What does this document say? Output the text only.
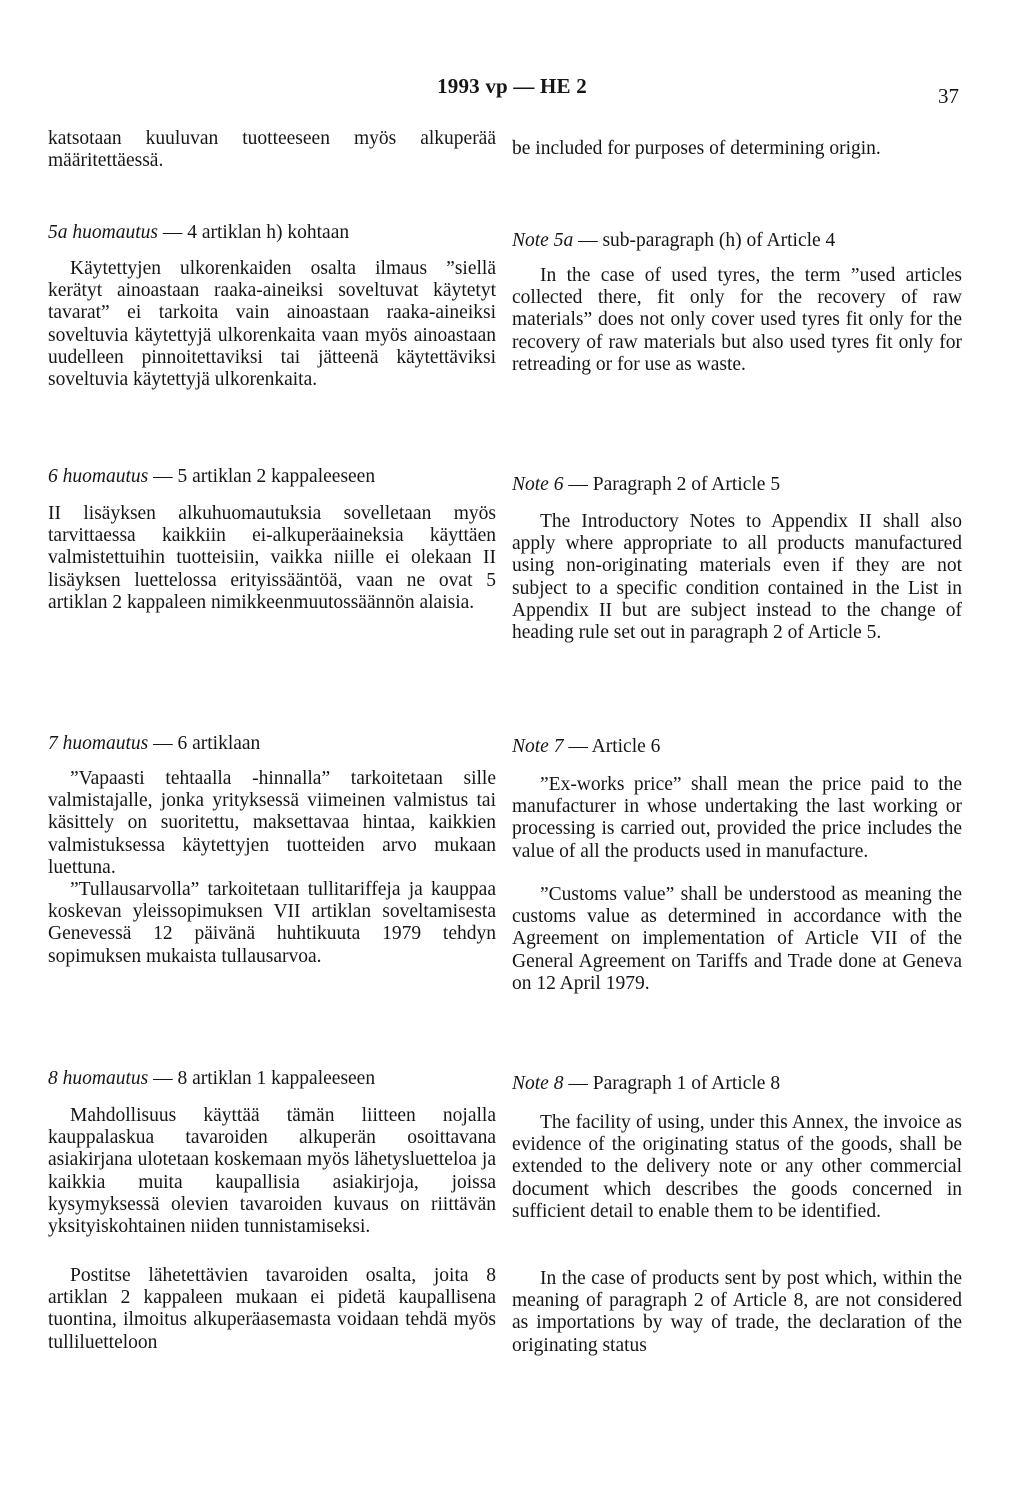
1993 vp — HE 2	37
katsotaan kuuluvan tuotteeseen myös alkuperää määritettäessä.
5a huomautus — 4 artiklan h) kohtaan
Käytettyjen ulkorenkaiden osalta ilmaus ”siellä kerätyt ainoastaan raaka-aineiksi soveltuvat käytetyt tavarat” ei tarkoita vain ainoastaan raaka-aineiksi soveltuvia käytettyjä ulkorenkaita vaan myös ainoastaan uudelleen pinnoitettaviksi tai jätteenä käytettäviksi soveltuvia käytettyjä ulkorenkaita.
6 huomautus — 5 artiklan 2 kappaleeseen
II lisäyksen alkuhuomautuksia sovelletaan myös tarvittaessa kaikkiin ei-alkuperäaineksia käyttäen valmistettuihin tuotteisiin, vaikka niille ei olekaan II lisäyksen luettelossa erityissääntöä, vaan ne ovat 5 artiklan 2 kappaleen nimikkeenmuutossäännön alaisia.
7 huomautus — 6 artiklaan
”Vapaasti tehtaalla -hinnalla” tarkoitetaan sille valmistajalle, jonka yrityksessä viimeinen valmistus tai käsittely on suoritettu, maksettavaa hintaa, kaikkien valmistuksessa käytettyjen tuotteiden arvo mukaan luettuna.
”Tullausarvolla” tarkoitetaan tullitariffeja ja kauppaa koskevan yleissopimuksen VII artiklan soveltamisesta Genevessä 12 päivänä huhtikuuta 1979 tehdyn sopimuksen mukaista tullausarvoa.
8 huomautus — 8 artiklan 1 kappaleeseen
Mahdollisuus käyttää tämän liitteen nojalla kauppalaskua tavaroiden alkuperän osoittavana asiakirjana ulotetaan koskemaan myös lähetysluetteloa ja kaikkia muita kaupallisia asiakirjoja, joissa kysymyksessä olevien tavaroiden kuvaus on riittävän yksityiskohtainen niiden tunnistamiseksi.
Postitse lähetettävien tavaroiden osalta, joita 8 artiklan 2 kappaleen mukaan ei pidetä kaupallisena tuontina, ilmoitus alkuperäasemasta voidaan tehdä myös tulliluetteloon
be included for purposes of determining origin.
Note 5a — sub-paragraph (h) of Article 4
In the case of used tyres, the term ”used articles collected there, fit only for the recovery of raw materials” does not only cover used tyres fit only for the recovery of raw materials but also used tyres fit only for retreading or for use as waste.
Note 6 — Paragraph 2 of Article 5
The Introductory Notes to Appendix II shall also apply where appropriate to all products manufactured using non-originating materials even if they are not subject to a specific condition contained in the List in Appendix II but are subject instead to the change of heading rule set out in paragraph 2 of Article 5.
Note 7 — Article 6
”Ex-works price” shall mean the price paid to the manufacturer in whose undertaking the last working or processing is carried out, provided the price includes the value of all the products used in manufacture.
”Customs value” shall be understood as meaning the customs value as determined in accordance with the Agreement on implementation of Article VII of the General Agreement on Tariffs and Trade done at Geneva on 12 April 1979.
Note 8 — Paragraph 1 of Article 8
The facility of using, under this Annex, the invoice as evidence of the originating status of the goods, shall be extended to the delivery note or any other commercial document which describes the goods concerned in sufficient detail to enable them to be identified.
In the case of products sent by post which, within the meaning of paragraph 2 of Article 8, are not considered as importations by way of trade, the declaration of the originating status
